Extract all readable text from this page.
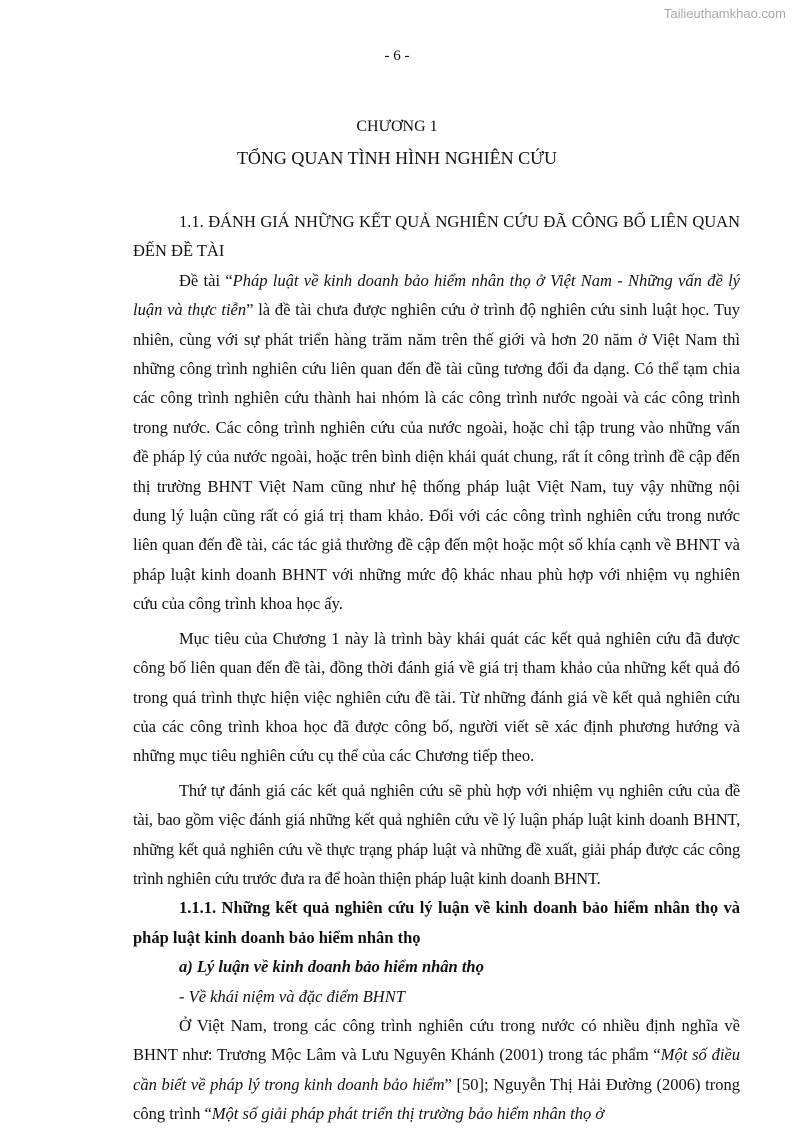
Tailieuthamkhao.com
- 6 -
CHƯƠNG 1
TỔNG QUAN TÌNH HÌNH NGHIÊN CỨU

1.1. ĐÁNH GIÁ NHỮNG KẾT QUẢ NGHIÊN CỨU ĐÃ CÔNG BỐ LIÊN QUAN ĐẾN ĐỀ TÀI

Đề tài “Pháp luật về kinh doanh bảo hiểm nhân thọ ở Việt Nam - Những vấn đề lý luận và thực tiễn” là đề tài chưa được nghiên cứu ở trình độ nghiên cứu sinh luật học. Tuy nhiên, cùng với sự phát triển hàng trăm năm trên thế giới và hơn 20 năm ở Việt Nam thì những công trình nghiên cứu liên quan đến đề tài cũng tương đối đa dạng. Có thể tạm chia các công trình nghiên cứu thành hai nhóm là các công trình nước ngoài và các công trình trong nước. Các công trình nghiên cứu của nước ngoài, hoặc chỉ tập trung vào những vấn đề pháp lý của nước ngoài, hoặc trên bình diện khái quát chung, rất ít công trình đề cập đến thị trường BHNT Việt Nam cũng như hệ thống pháp luật Việt Nam, tuy vậy những nội dung lý luận cũng rất có giá trị tham khảo. Đối với các công trình nghiên cứu trong nước liên quan đến đề tài, các tác giả thường đề cập đến một hoặc một số khía cạnh về BHNT và pháp luật kinh doanh BHNT với những mức độ khác nhau phù hợp với nhiệm vụ nghiên cứu của công trình khoa học ấy.

Mục tiêu của Chương 1 này là trình bày khái quát các kết quả nghiên cứu đã được công bố liên quan đến đề tài, đồng thời đánh giá về giá trị tham khảo của những kết quả đó trong quá trình thực hiện việc nghiên cứu đề tài. Từ những đánh giá về kết quả nghiên cứu của các công trình khoa học đã được công bố, người viết sẽ xác định phương hướng và những mục tiêu nghiên cứu cụ thể của các Chương tiếp theo.

Thứ tự đánh giá các kết quả nghiên cứu sẽ phù hợp với nhiệm vụ nghiên cứu của đề tài, bao gồm việc đánh giá những kết quả nghiên cứu về lý luận pháp luật kinh doanh BHNT, những kết quả nghiên cứu về thực trạng pháp luật và những đề xuất, giải pháp được các công trình nghiên cứu trước đưa ra để hoàn thiện pháp luật kinh doanh BHNT.

1.1.1. Những kết quả nghiên cứu lý luận về kinh doanh bảo hiểm nhân thọ và pháp luật kinh doanh bảo hiểm nhân thọ

a) Lý luận về kinh doanh bảo hiểm nhân thọ

- Về khái niệm và đặc điểm BHNT

Ở Việt Nam, trong các công trình nghiên cứu trong nước có nhiều định nghĩa về BHNT như: Trương Mộc Lâm và Lưu Nguyên Khánh (2001) trong tác phẩm “Một số điều cần biết về pháp lý trong kinh doanh bảo hiểm” [50]; Nguyễn Thị Hải Đường (2006) trong công trình “Một số giải pháp phát triển thị trường bảo hiểm nhân thọ ở
